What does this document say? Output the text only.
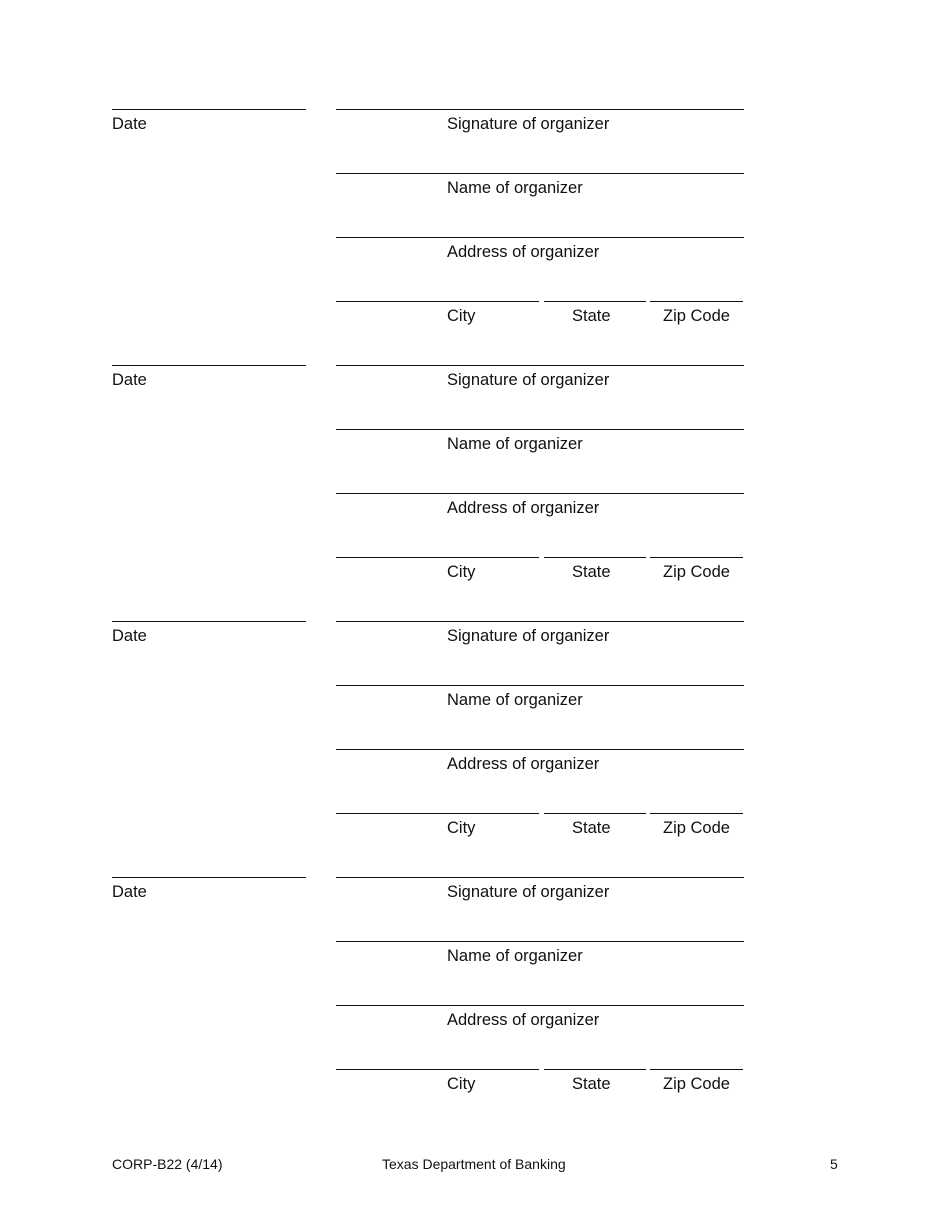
Date	Signature of organizer
Name of organizer
Address of organizer
City	State	Zip Code
Date	Signature of organizer
Name of organizer
Address of organizer
City	State	Zip Code
Date	Signature of organizer
Name of organizer
Address of organizer
City	State	Zip Code
Date	Signature of organizer
Name of organizer
Address of organizer
City	State	Zip Code
CORP-B22 (4/14)	Texas Department of Banking	5
